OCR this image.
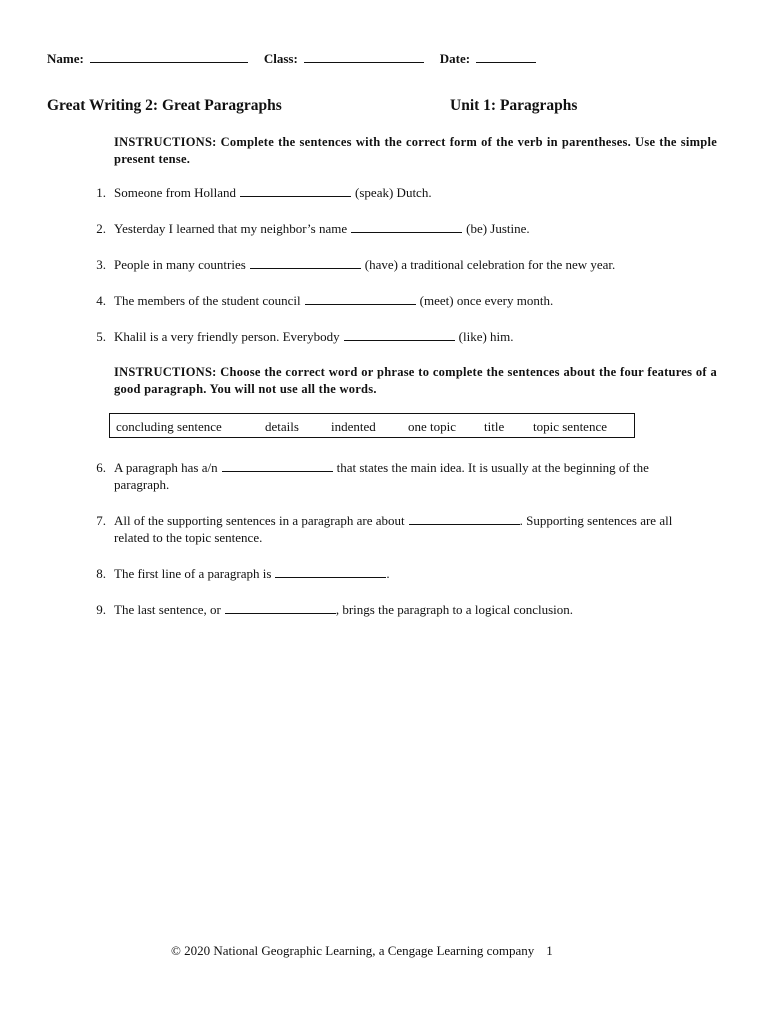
Name:	Class:	Date:
Great Writing 2: Great Paragraphs	Unit 1: Paragraphs
INSTRUCTIONS: Complete the sentences with the correct form of the verb in parentheses. Use the simple present tense.
1. Someone from Holland	(speak) Dutch.
2. Yesterday I learned that my neighbor’s name	(be) Justine.
3. People in many countries	(have) a traditional celebration for the new year.
4. The members of the student council	(meet) once every month.
5. Khalil is a very friendly person. Everybody	(like) him.
INSTRUCTIONS: Choose the correct word or phrase to complete the sentences about the four features of a good paragraph. You will not use all the words.
concluding sentence	details indented one topic title topic sentence
6. A paragraph has a/n	that states the main idea. It is usually at the beginning of the paragraph.
7. All of the supporting sentences in a paragraph are about	. Supporting sentences are all related to the topic sentence.
8. The first line of a paragraph is	.
9. The last sentence, or	, brings the paragraph to a logical conclusion.
© 2020 National Geographic Learning, a Cengage Learning company 1
